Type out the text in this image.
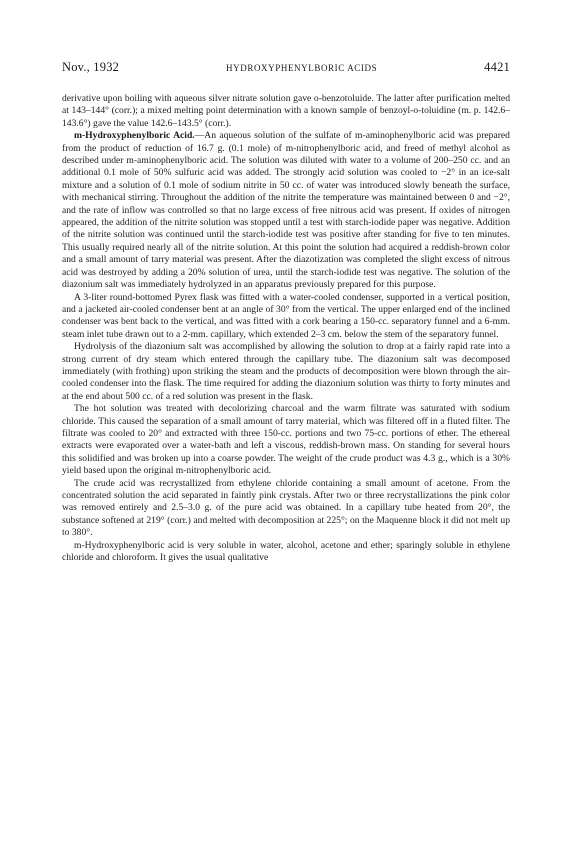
Nov., 1932	HYDROXYPHENYLBORIC ACIDS	4421

derivative upon boiling with aqueous silver nitrate solution gave o-benzotoluide. The latter after purification melted at 143–144° (corr.); a mixed melting point determination with a known sample of benzoyl-o-toluidine (m. p. 142.6–143.6°) gave the value 142.6–143.5° (corr.).

m-Hydroxyphenylboric Acid.—An aqueous solution of the sulfate of m-aminophenylboric acid was prepared from the product of reduction of 16.7 g. (0.1 mole) of m-nitrophenylboric acid, and freed of methyl alcohol as described under m-aminophenylboric acid. The solution was diluted with water to a volume of 200–250 cc. and an additional 0.1 mole of 50% sulfuric acid was added. The strongly acid solution was cooled to −2° in an ice-salt mixture and a solution of 0.1 mole of sodium nitrite in 50 cc. of water was introduced slowly beneath the surface, with mechanical stirring. Throughout the addition of the nitrite the temperature was maintained between 0 and −2°, and the rate of inflow was controlled so that no large excess of free nitrous acid was present. If oxides of nitrogen appeared, the addition of the nitrite solution was stopped until a test with starch-iodide paper was negative. Addition of the nitrite solution was continued until the starch-iodide test was positive after standing for five to ten minutes. This usually required nearly all of the nitrite solution. At this point the solution had acquired a reddish-brown color and a small amount of tarry material was present. After the diazotization was completed the slight excess of nitrous acid was destroyed by adding a 20% solution of urea, until the starch-iodide test was negative. The solution of the diazonium salt was immediately hydrolyzed in an apparatus previously prepared for this purpose.

A 3-liter round-bottomed Pyrex flask was fitted with a water-cooled condenser, supported in a vertical position, and a jacketed air-cooled condenser bent at an angle of 30° from the vertical. The upper enlarged end of the inclined condenser was bent back to the vertical, and was fitted with a cork bearing a 150-cc. separatory funnel and a 6-mm. steam inlet tube drawn out to a 2-mm. capillary, which extended 2–3 cm. below the stem of the separatory funnel.

Hydrolysis of the diazonium salt was accomplished by allowing the solution to drop at a fairly rapid rate into a strong current of dry steam which entered through the capillary tube. The diazonium salt was decomposed immediately (with frothing) upon striking the steam and the products of decomposition were blown through the air-cooled condenser into the flask. The time required for adding the diazonium solution was thirty to forty minutes and at the end about 500 cc. of a red solution was present in the flask.

The hot solution was treated with decolorizing charcoal and the warm filtrate was saturated with sodium chloride. This caused the separation of a small amount of tarry material, which was filtered off in a fluted filter. The filtrate was cooled to 20° and extracted with three 150-cc. portions and two 75-cc. portions of ether. The ethereal extracts were evaporated over a water-bath and left a viscous, reddish-brown mass. On standing for several hours this solidified and was broken up into a coarse powder. The weight of the crude product was 4.3 g., which is a 30% yield based upon the original m-nitrophenylboric acid.

The crude acid was recrystallized from ethylene chloride containing a small amount of acetone. From the concentrated solution the acid separated in faintly pink crystals. After two or three recrystallizations the pink color was removed entirely and 2.5–3.0 g. of the pure acid was obtained. In a capillary tube heated from 20°, the substance softened at 219° (corr.) and melted with decomposition at 225°; on the Maquenne block it did not melt up to 380°.

m-Hydroxyphenylboric acid is very soluble in water, alcohol, acetone and ether; sparingly soluble in ethylene chloride and chloroform. It gives the usual qualitative
